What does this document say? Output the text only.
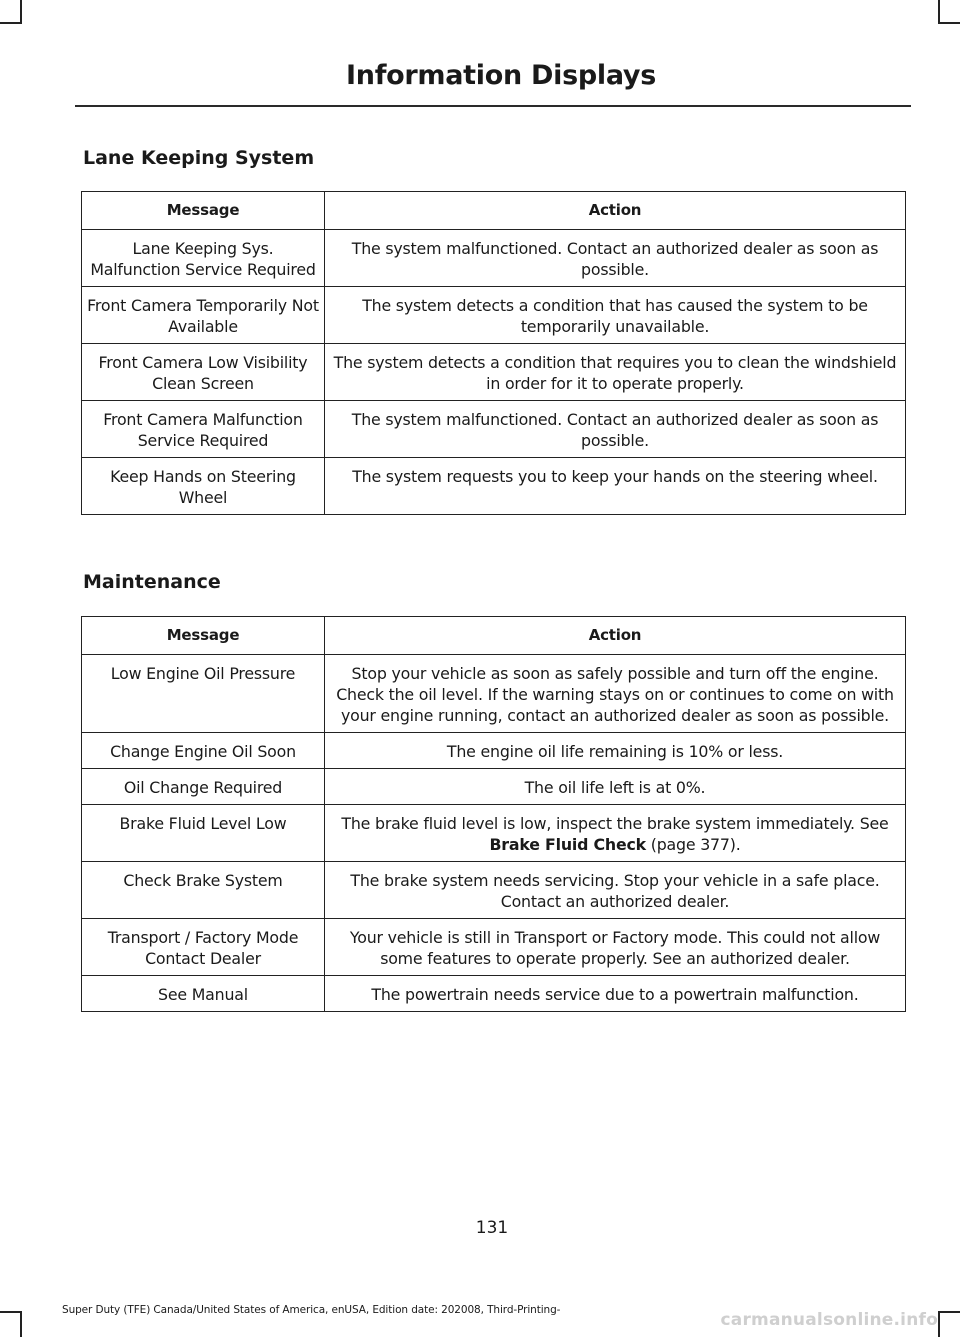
Information Displays
Lane Keeping System
Message	Action
Lane Keeping Sys. Malfunction Service Required	The system malfunctioned. Contact an authorized dealer as soon as possible.
Front Camera Temporarily Not Available	The system detects a condition that has caused the system to be temporarily unavailable.
Front Camera Low Visibility Clean Screen	The system detects a condition that requires you to clean the windshield in order for it to operate properly.
Front Camera Malfunction Service Required	The system malfunctioned. Contact an authorized dealer as soon as possible.
Keep Hands on Steering Wheel	The system requests you to keep your hands on the steering wheel.
Maintenance
Message	Action
Low Engine Oil Pressure	Stop your vehicle as soon as safely possible and turn off the engine. Check the oil level. If the warning stays on or continues to come on with your engine running, contact an authorized dealer as soon as possible.
Change Engine Oil Soon	The engine oil life remaining is 10% or less.
Oil Change Required	The oil life left is at 0%.
Brake Fluid Level Low	The brake fluid level is low, inspect the brake system immediately. See Brake Fluid Check (page 377).
Check Brake System	The brake system needs servicing. Stop your vehicle in a safe place. Contact an authorized dealer.
Transport / Factory Mode Contact Dealer	Your vehicle is still in Transport or Factory mode. This could not allow some features to operate properly. See an authorized dealer.
See Manual	The powertrain needs service due to a powertrain malfunction.
131
Super Duty (TFE) Canada/United States of America, enUSA, Edition date: 202008, Third-Printing-	carmanualsonline.info
